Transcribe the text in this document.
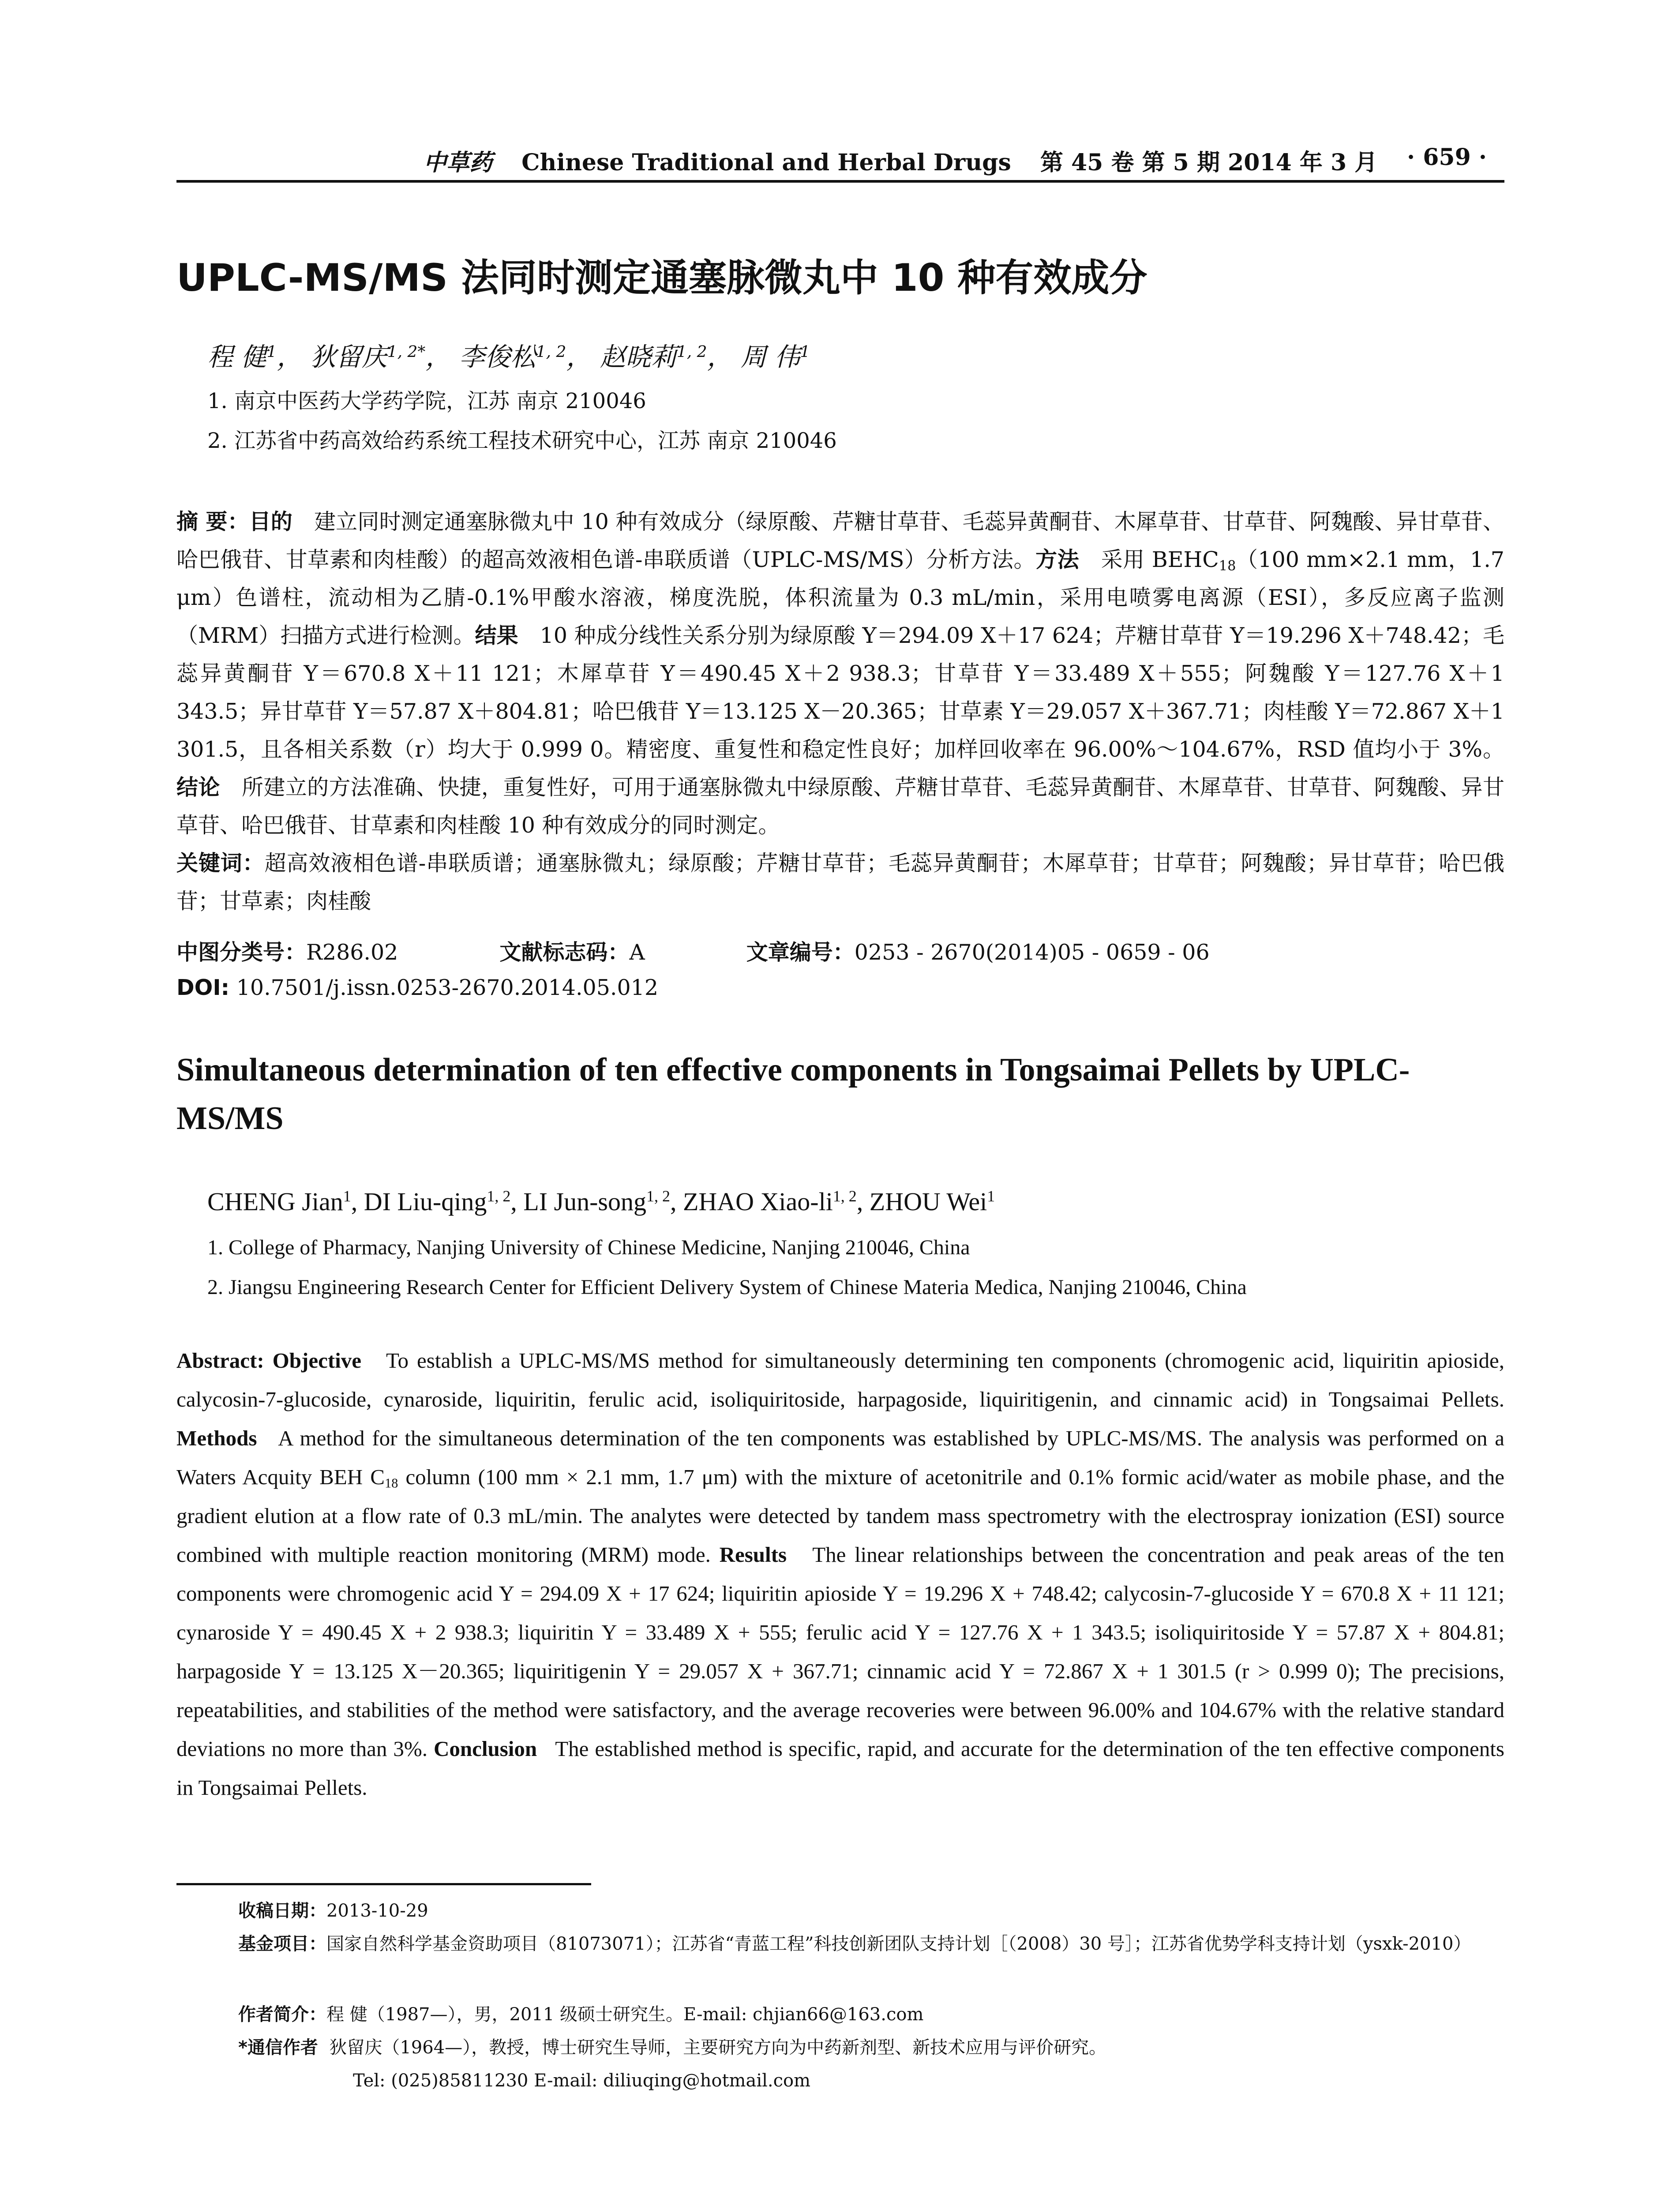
中草药 Chinese Traditional and Herbal Drugs 第 45 卷 第 5 期 2014 年 3 月 · 659 ·
UPLC-MS/MS 法同时测定通塞脉微丸中 10 种有效成分
程 健$^1$， 狄留庆$^{1, 2*}$， 李俊松$^{1, 2}$， 赵晓莉$^{1, 2}$， 周 伟$^1$
1. 南京中医药大学药学院，江苏 南京 210046
2. 江苏省中药高效给药系统工程技术研究中心，江苏 南京 210046
摘 要：目的  建立同时测定通塞脉微丸中 10 种有效成分（绿原酸、芹糖甘草苷、毛蕊异黄酮苷、木犀草苷、甘草苷、阿魏酸、异甘草苷、哈巴俄苷、甘草素和肉桂酸）的超高效液相色谱-串联质谱（UPLC-MS/MS）分析方法。方法  采用 $BEHC_{18}(100$ mm×2.1 mm，1.7 μm）色谱柱，流动相为乙腈-0.1%甲酸水溶液，梯度洗脱，体积流量为 0.3 mL/min，采用电喷雾电离源（ESI），多反应离子监测（MRM）扫描方式进行检测。结果  10 种成分线性关系分别为绿原酸 Y＝294.09 X＋17 624；芹糖甘草苷 Y＝19.296 X＋748.42；毛蕊异黄酮苷 Y＝670.8 X＋11 121；木犀草苷 Y＝490.45 X＋2 938.3；甘草苷 Y＝33.489 X＋555；阿魏酸 Y＝127.76 X＋1 343.5；异甘草苷 Y＝57.87 X＋804.81；哈巴俄苷 Y＝13.125 X－20.365；甘草素 Y＝29.057 X＋367.71；肉桂酸 Y＝72.867 X＋1 301.5，且各相关系数（r）均大于 0.999 0。精密度、重复性和稳定性良好；加样回收率在 96.00%～104.67%，RSD 值均小于 3%。结论  所建立的方法准确、快捷，重复性好，可用于通塞脉微丸中绿原酸、芹糖甘草苷、毛蕊异黄酮苷、木犀草苷、甘草苷、阿魏酸、异甘草苷、哈巴俄苷、甘草素和肉桂酸 10 种有效成分的同时测定。
关键词：超高效液相色谱-串联质谱；通塞脉微丸；绿原酸；芹糖甘草苷；毛蕊异黄酮苷；木犀草苷；甘草苷；阿魏酸；异甘草苷；哈巴俄苷；甘草素；肉桂酸
中图分类号：R286.02	文献标志码：A	文章编号：0253 - 2670(2014)05 - 0659 - 06
DOI: 10.7501/j.issn.0253-2670.2014.05.012
Simultaneous determination of ten effective components in Tongsaimai Pellets by UPLC-MS/MS
CHENG Jian$^1$, DI Liu-qing$^{1, 2}$, LI Jun-song$^{1, 2}$, ZHAO Xiao-li$^{1, 2}$, ZHOU Wei$^1$
1. College of Pharmacy, Nanjing University of Chinese Medicine, Nanjing 210046, China
2. Jiangsu Engineering Research Center for Efficient Delivery System of Chinese Materia Medica, Nanjing 210046, China
Abstract: Objective To establish a UPLC-MS/MS method for simultaneously determining ten components (chromogenic acid, liquiritin apioside, calycosin-7-glucoside, cynaroside, liquiritin, ferulic acid, isoliquiritoside, harpagoside, liquiritigenin, and cinnamic acid) in Tongsaimai Pellets. Methods A method for the simultaneous determination of the ten components was established by UPLC-MS/MS. The analysis was performed on a Waters Acquity BEH $C_{18}$ column (100 mm × 2.1 mm, 1.7 μm) with the mixture of acetonitrile and 0.1% formic acid/water as mobile phase, and the gradient elution at a flow rate of 0.3 mL/min. The analytes were detected by tandem mass spectrometry with the electrospray ionization (ESI) source combined with multiple reaction monitoring (MRM) mode. Results The linear relationships between the concentration and peak areas of the ten components were chromogenic acid Y = 294.09 X + 17 624; liquiritin apioside Y = 19.296 X + 748.42; calycosin-7-glucoside Y = 670.8 X + 11 121; cynaroside Y = 490.45 X + 2 938.3; liquiritin Y = 33.489 X + 555; ferulic acid Y = 127.76 X + 1 343.5; isoliquiritoside Y = 57.87 X + 804.81; harpagoside Y = 13.125 X－20.365; liquiritigenin Y = 29.057 X + 367.71; cinnamic acid Y = 72.867 X + 1 301.5 (r > 0.999 0); The precisions, repeatabilities, and stabilities of the method were satisfactory, and the average recoveries were between 96.00% and 104.67% with the relative standard deviations no more than 3%. Conclusion The established method is specific, rapid, and accurate for the determination of the ten effective components in Tongsaimai Pellets.
收稿日期：2013-10-29
基金项目：国家自然科学基金资助项目（81073071）；江苏省“青蓝工程”科技创新团队支持计划［（2008）30 号］；江苏省优势学科支持计划（ysxk-2010）
作者简介：程 健（1987—），男，2011 级硕士研究生。E-mail: chjian66@163.com
*通信作者 狄留庆（1964—），教授，博士研究生导师，主要研究方向为中药新剂型、新技术应用与评价研究。
Tel: (025)85811230 E-mail: diliuqing@hotmail.com
